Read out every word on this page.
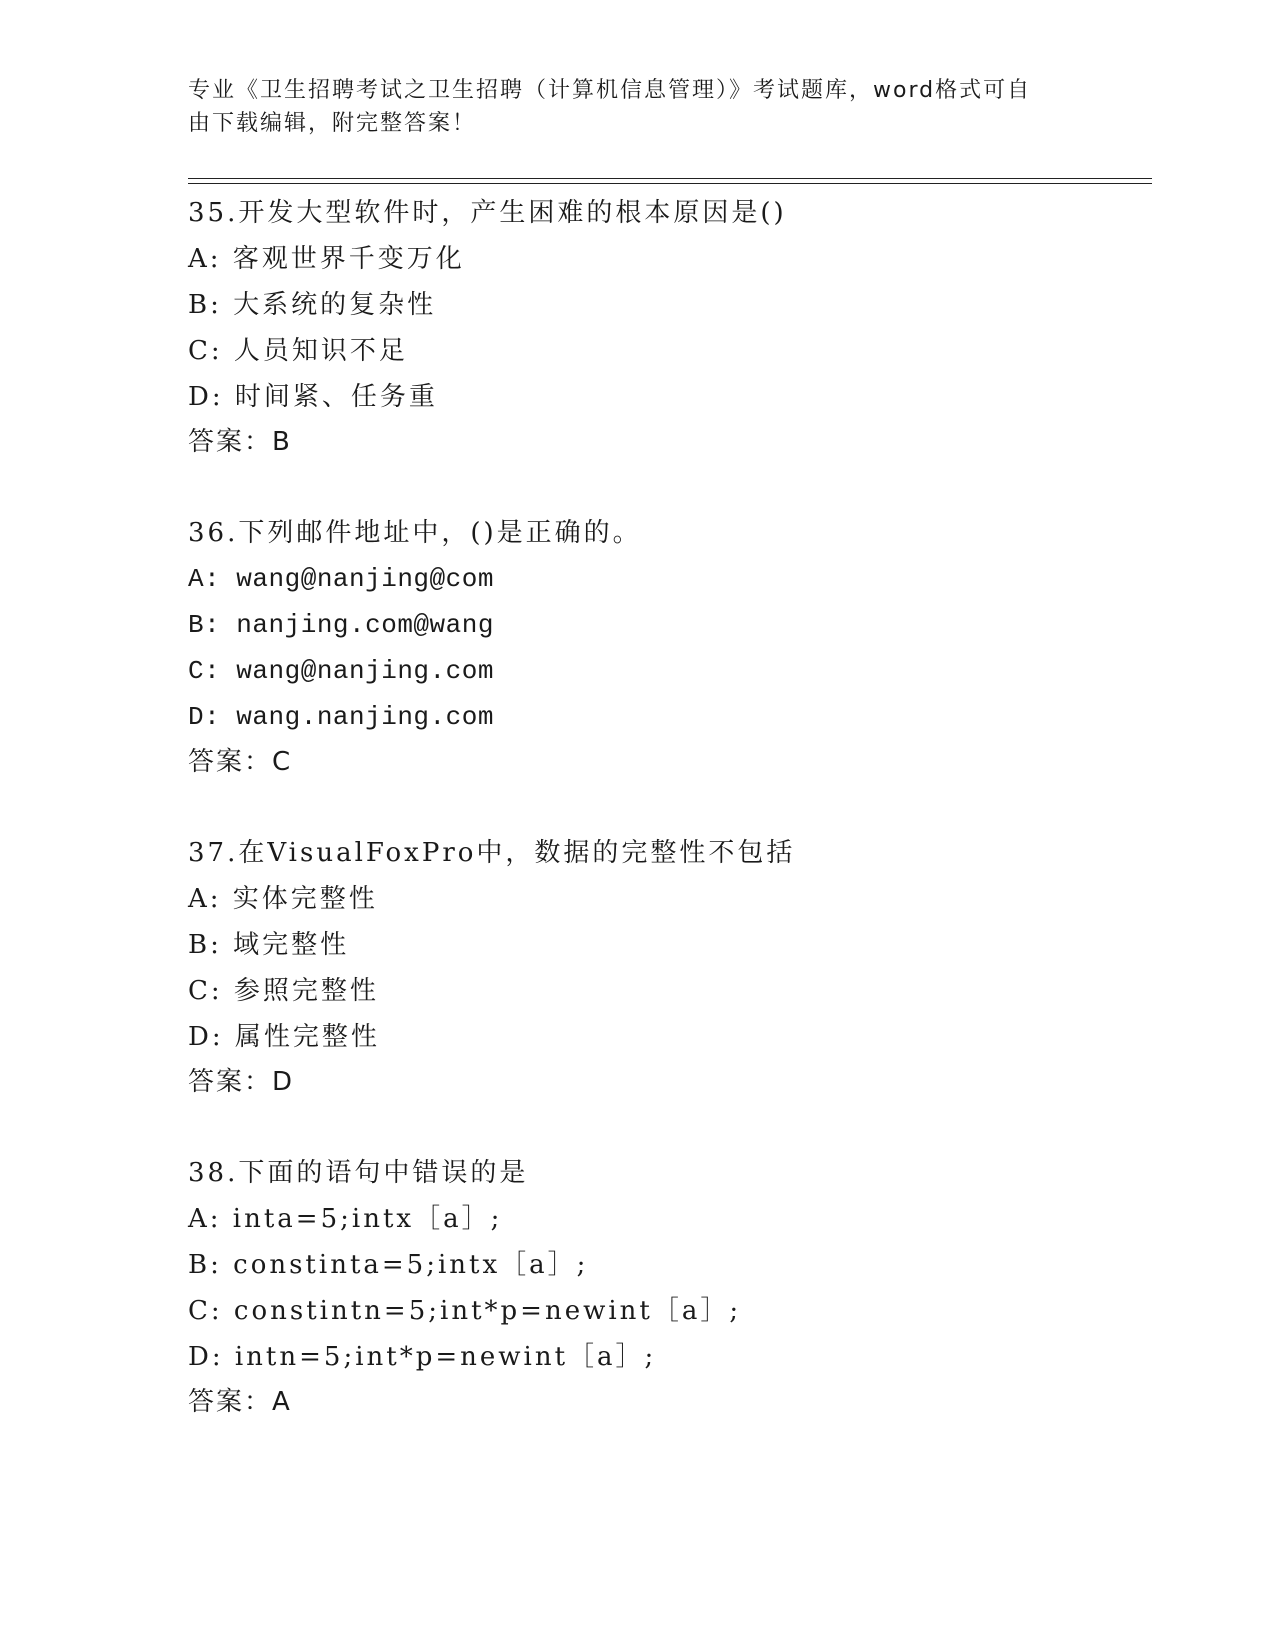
专业《卫生招聘考试之卫生招聘（计算机信息管理）》考试题库，word格式可自
由下载编辑，附完整答案！
35.开发大型软件时，产生困难的根本原因是()
A: 客观世界千变万化
B: 大系统的复杂性
C: 人员知识不足
D: 时间紧、任务重
答案：B
36.下列邮件地址中，()是正确的。
A: wang@nanjing@com
B: nanjing.com@wang
C: wang@nanjing.com
D: wang.nanjing.com
答案：C
37.在VisualFoxPro中，数据的完整性不包括
A: 实体完整性
B: 域完整性
C: 参照完整性
D: 属性完整性
答案：D
38.下面的语句中错误的是
A: inta=5;intx［a］;
B: constinta=5;intx［a］;
C: constintn=5;int*p=newint［a］;
D: intn=5;int*p=newint［a］;
答案：A
